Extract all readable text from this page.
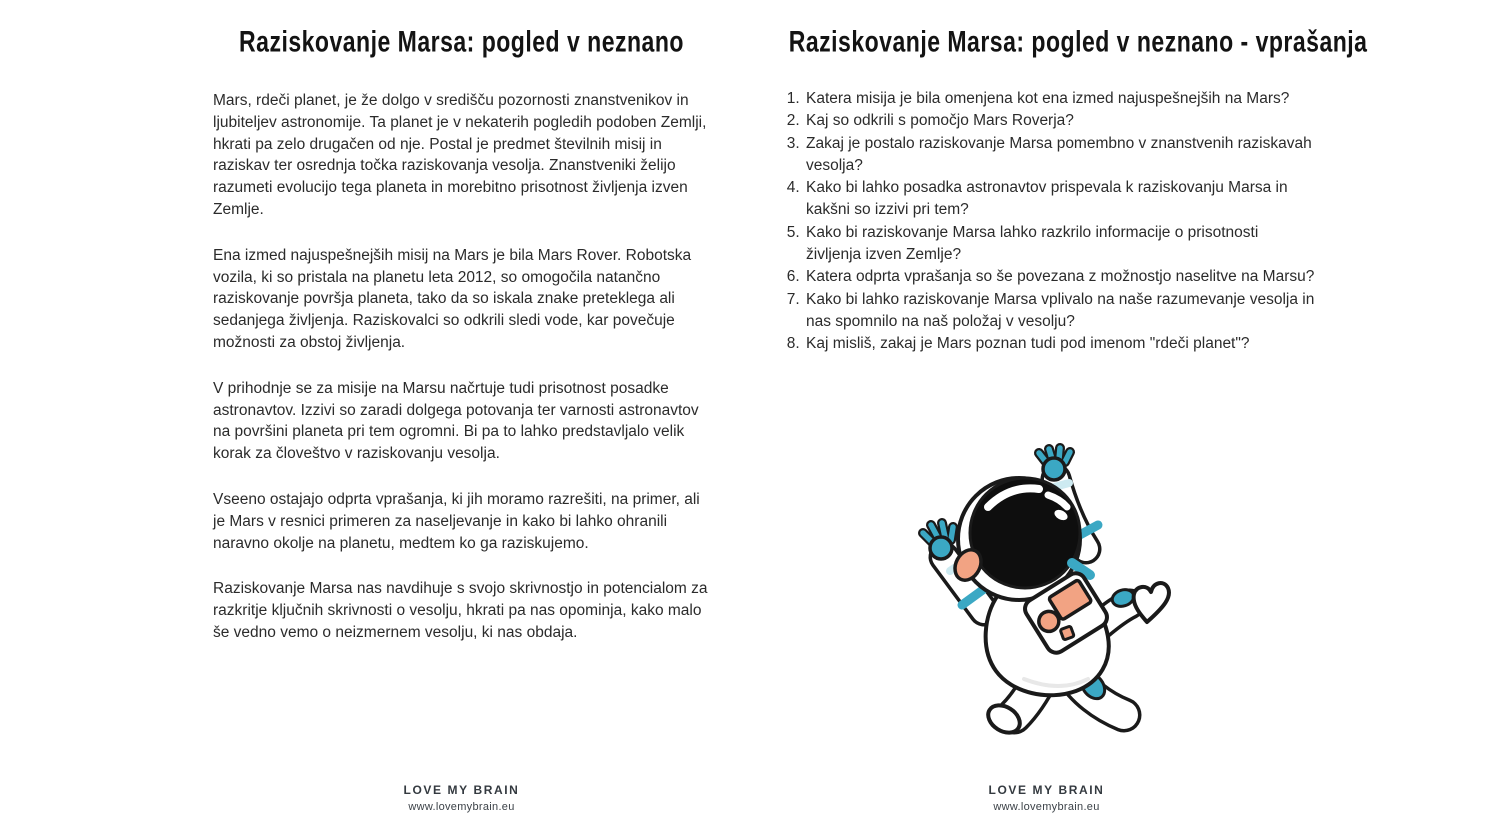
Raziskovanje Marsa: pogled v neznano

Mars, rdeči planet, je že dolgo v središču pozornosti znanstvenikov in ljubiteljev astronomije. Ta planet je v nekaterih pogledih podoben Zemlji, hkrati pa zelo drugačen od nje. Postal je predmet številnih misij in raziskav ter osrednja točka raziskovanja vesolja. Znanstveniki želijo razumeti evolucijo tega planeta in morebitno prisotnost življenja izven Zemlje.

Ena izmed najuspešnejših misij na Mars je bila Mars Rover. Robotska vozila, ki so pristala na planetu leta 2012, so omogočila natančno raziskovanje površja planeta, tako da so iskala znake preteklega ali sedanjega življenja. Raziskovalci so odkrili sledi vode, kar povečuje možnosti za obstoj življenja.

V prihodnje se za misije na Marsu načrtuje tudi prisotnost posadke astronavtov. Izzivi so zaradi dolgega potovanja ter varnosti astronavtov na površini planeta pri tem ogromni. Bi pa to lahko predstavljalo velik korak za človeštvo v raziskovanju vesolja.

Vseeno ostajajo odprta vprašanja, ki jih moramo razrešiti, na primer, ali je Mars v resnici primeren za naseljevanje in kako bi lahko ohranili naravno okolje na planetu, medtem ko ga raziskujemo.

Raziskovanje Marsa nas navdihuje s svojo skrivnostjo in potencialom za razkritje ključnih skrivnosti o vesolju, hkrati pa nas opominja, kako malo še vedno vemo o neizmernem vesolju, ki nas obdaja.

LOVE MY BRAIN
www.lovemybrain.eu
Raziskovanje Marsa: pogled v neznano - vprašanja
1. Katera misija je bila omenjena kot ena izmed najuspešnejših na Mars?
2. Kaj so odkrili s pomočjo Mars Roverja?
3. Zakaj je postalo raziskovanje Marsa pomembno v znanstvenih raziskavah vesolja?
4. Kako bi lahko posadka astronavtov prispevala k raziskovanju Marsa in kakšni so izzivi pri tem?
5. Kako bi raziskovanje Marsa lahko razkrilo informacije o prisotnosti življenja izven Zemlje?
6. Katera odprta vprašanja so še povezana z možnostjo naselitve na Marsu?
7. Kako bi lahko raziskovanje Marsa vplivalo na naše razumevanje vesolja in nas spomnilo na naš položaj v vesolju?
8. Kaj misliš, zakaj je Mars poznan tudi pod imenom "rdeči planet"?
LOVE MY BRAIN
www.lovemybrain.eu
